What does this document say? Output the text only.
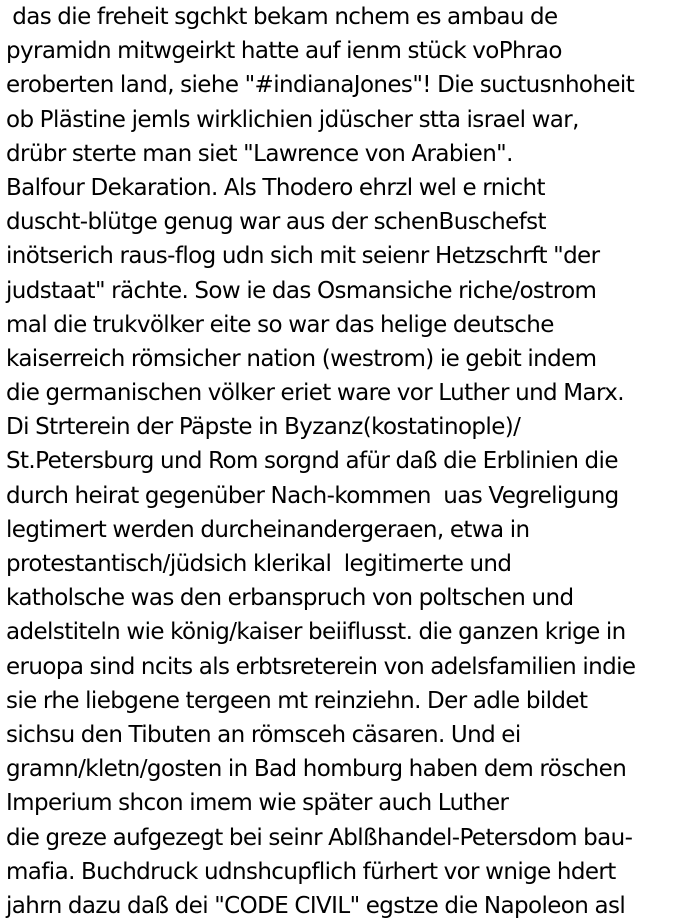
das die freheit sgchkt bekam nchem es ambau de
pyramidn mitwgeirkt hatte auf ienm stück voPhrao
eroberten land, siehe "#indianaJones"! Die suctusnhoheit
ob Plästine jemls wirklichien jdüscher stta israel war,
drübr sterte man siet "Lawrence von Arabien".
Balfour Dekaration. Als Thodero ehrzl wel e rnicht
duscht-blütge genug war aus der schenBuschefst
inötserich raus-flog udn sich mit seienr Hetzschrft "der
judstaat" rächte. Sow ie das Osmansiche riche/ostrom
mal die trukvölker eite so war das helige deutsche
kaiserreich römsicher nation (westrom) ie gebit indem
die germanischen völker eriet ware vor Luther und Marx.
Di Strterein der Päpste in Byzanz(kostatinople)/
St.Petersburg und Rom sorgnd afür daß die Erblinien die
durch heirat gegenüber Nach-kommen  uas Vegreligung
legtimert werden durcheinandergeraen, etwa in
protestantisch/jüdsich klerikal  legitimerte und
katholsche was den erbanspruch von poltschen und
adelstiteln wie könig/kaiser beiiflusst. die ganzen krige in
eruopa sind ncits als erbtsreterein von adelsfamilien indie
sie rhe liebgene tergeen mt reinziehn. Der adle bildet
sichsu den Tibuten an römsceh cäsaren. Und ei
gramn/kletn/gosten in Bad homburg haben dem röschen
Imperium shcon imem wie später auch Luther
die greze aufgezegt bei seinr Ablßhandel-Petersdom bau-
mafia. Buchdruck udnshcupflich fürhert vor wnige hdert
jahrn dazu daß dei "CODE CIVIL" egstze die Napoleon asl
